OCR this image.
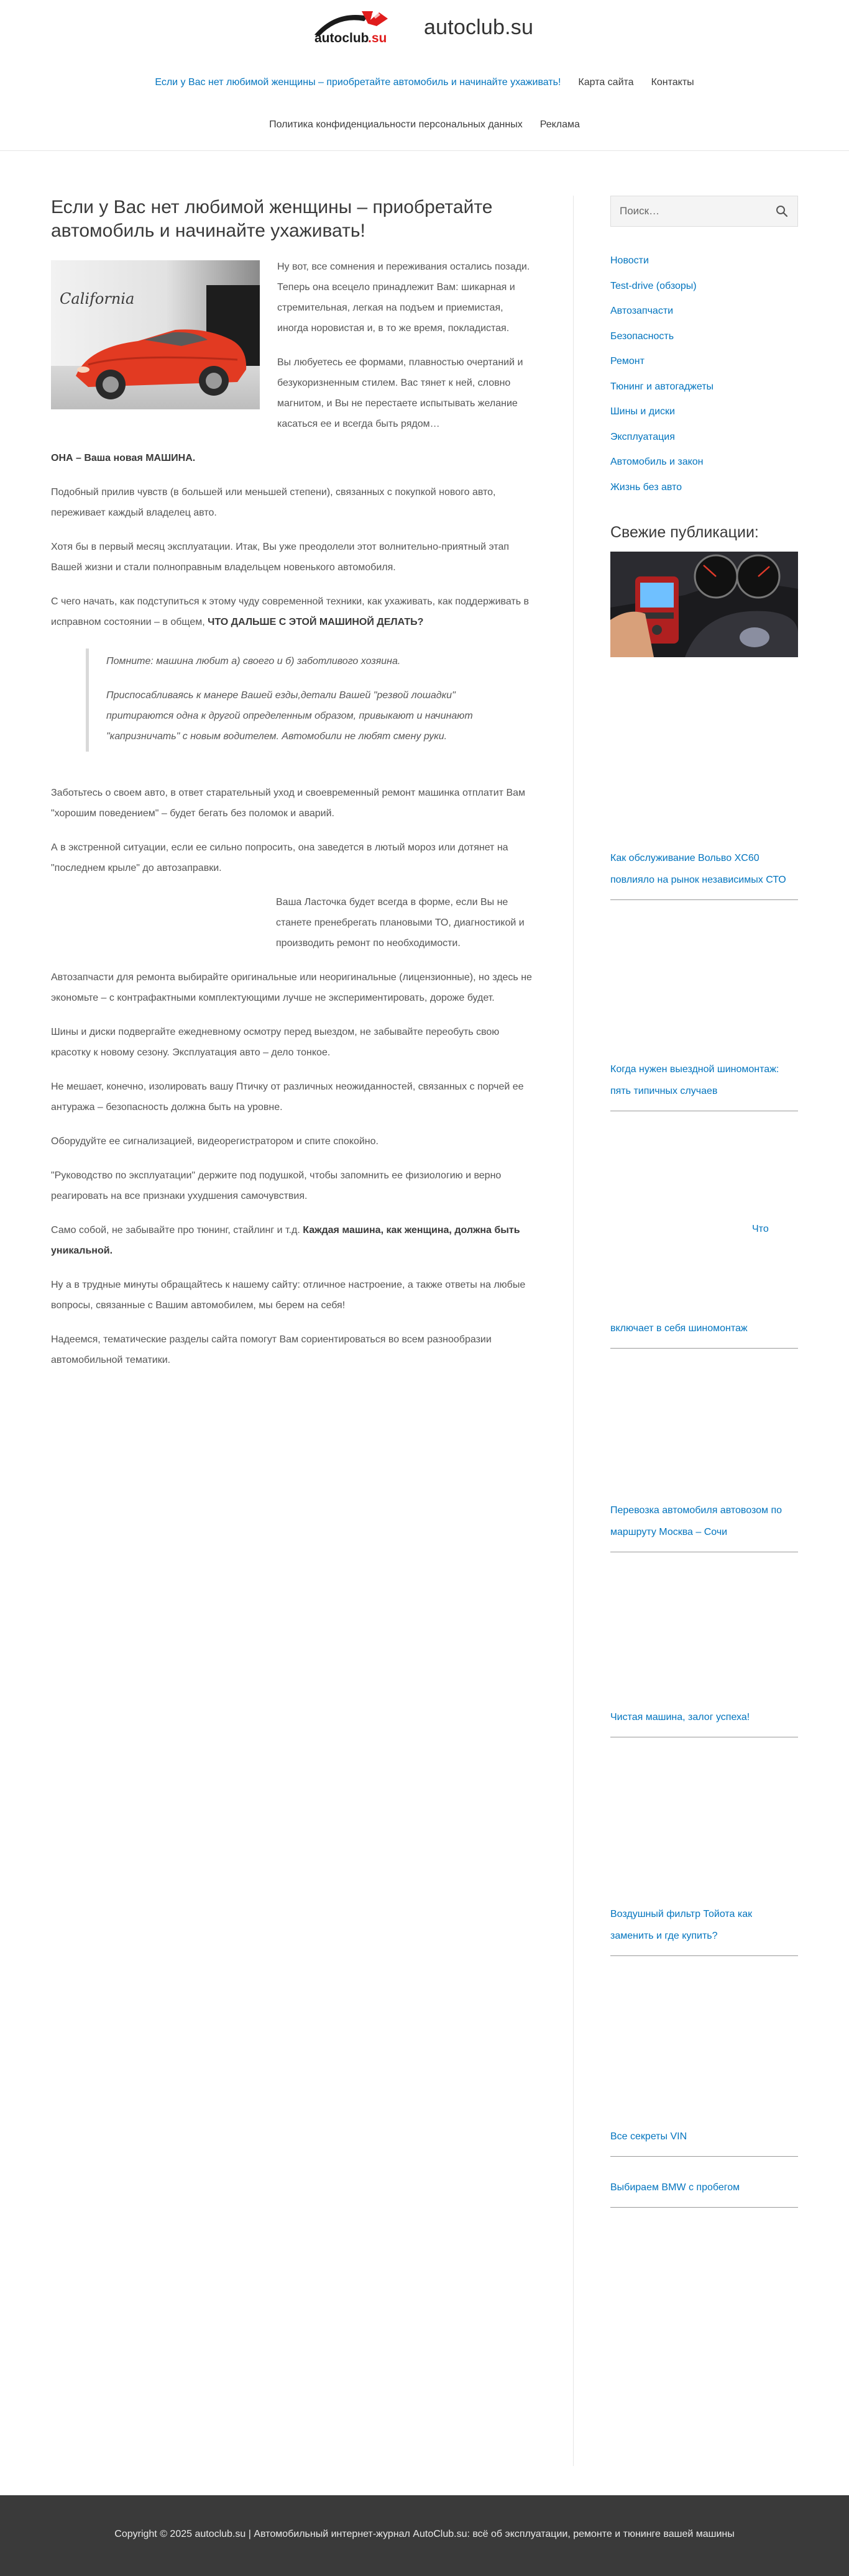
autoclub
.su autoclub.su
Если у Вас нет любимой женщины – приобретайте автомобиль и начинайте ухаживать! Карта сайта Контакты
Политика конфиденциальности персональных данных Реклама
Если у Вас нет любимой женщины – приобретайте автомобиль и начинайте ухаживать!
California

Ну вот, все сомнения и переживания остались позади. Теперь она всецело принадлежит Вам: шикарная и стремительная, легкая на подъем и приемистая, иногда норовистая и, в то же время, покладистая.

Вы любуетесь ее формами, плавностью очертаний и безукоризненным стилем. Вас тянет к ней, словно магнитом, и Вы не перестаете испытывать желание касаться ее и всегда быть рядом…

ОНА – Ваша новая МАШИНА.

Подобный прилив чувств (в большей или меньшей степени), связанных с покупкой нового авто, переживает каждый владелец авто.

Хотя бы в первый месяц эксплуатации. Итак, Вы уже преодолели этот волнительно-приятный этап Вашей жизни и стали полноправным владельцем новенького автомобиля.

С чего начать, как подступиться к этому чуду современной техники, как ухаживать, как поддерживать в исправном состоянии – в общем, ЧТО ДАЛЬШЕ С ЭТОЙ МАШИНОЙ ДЕЛАТЬ?

Помните: машина любит а) своего и б) заботливого хозяина.

Приспосабливаясь к манере Вашей езды,детали Вашей "резвой лошадки" притираются одна к другой определенным образом, привыкают и начинают "капризничать" с новым водителем. Автомобили не любят смену руки.

Заботьтесь о своем авто, в ответ старательный уход и своевременный ремонт машинка отплатит Вам "хорошим поведением" – будет бегать без поломок и аварий.

А в экстренной ситуации, если ее сильно попросить, она заведется в лютый мороз или дотянет на "последнем крыле" до автозаправки.

Ваша Ласточка будет всегда в форме, если Вы не станете пренебрегать плановыми ТО, диагностикой и производить ремонт по необходимости.

Автозапчасти для ремонта выбирайте оригинальные или неоригинальные (лицензионные), но здесь не экономьте – с контрафактными комплектующими лучше не экспериментировать, дороже будет.

Шины и диски подвергайте ежедневному осмотру перед выездом, не забывайте переобуть свою красотку к новому сезону. Эксплуатация авто – дело тонкое.

Не мешает, конечно, изолировать вашу Птичку от различных неожиданностей, связанных с порчей ее антуража – безопасность должна быть на уровне.

Оборудуйте ее сигнализацией, видеорегистратором и спите спокойно.

"Руководство по эксплуатации" держите под подушкой, чтобы запомнить ее физиологию и верно реагировать на все признаки ухудшения самочувствия.

Само собой, не забывайте про тюнинг, стайлинг и т.д. Каждая машина, как женщина, должна быть уникальной.

Ну а в трудные минуты обращайтесь к нашему сайту: отличное настроение, а также ответы на любые вопросы, связанные с Вашим автомобилем, мы берем на себя!

Надеемся, тематические разделы сайта помогут Вам сориентироваться во всем разнообразии автомобильной тематики.

Поиск…
Новости
Test-drive (обзоры)
Автозапчасти
Безопасность
Ремонт
Тюнинг и автогаджеты
Шины и диски
Эксплуатация
Автомобиль и закон
Жизнь без авто
Свежие публикации:
Как обслуживание Вольво XC60 повлияло на рынок независимых СТО
Когда нужен выездной шиномонтаж: пять типичных случаев
Что
включает в себя шиномонтаж
Перевозка автомобиля автовозом по маршруту Москва – Сочи
Чистая машина, залог успеха!
Воздушный фильтр Тойота как заменить и где купить?
Все секреты VIN
Выбираем BMW с пробегом
Copyright © 2025 autoclub.su | Автомобильный интернет-журнал AutoClub.su: всё об эксплуатации, ремонте и тюнинге вашей машины
